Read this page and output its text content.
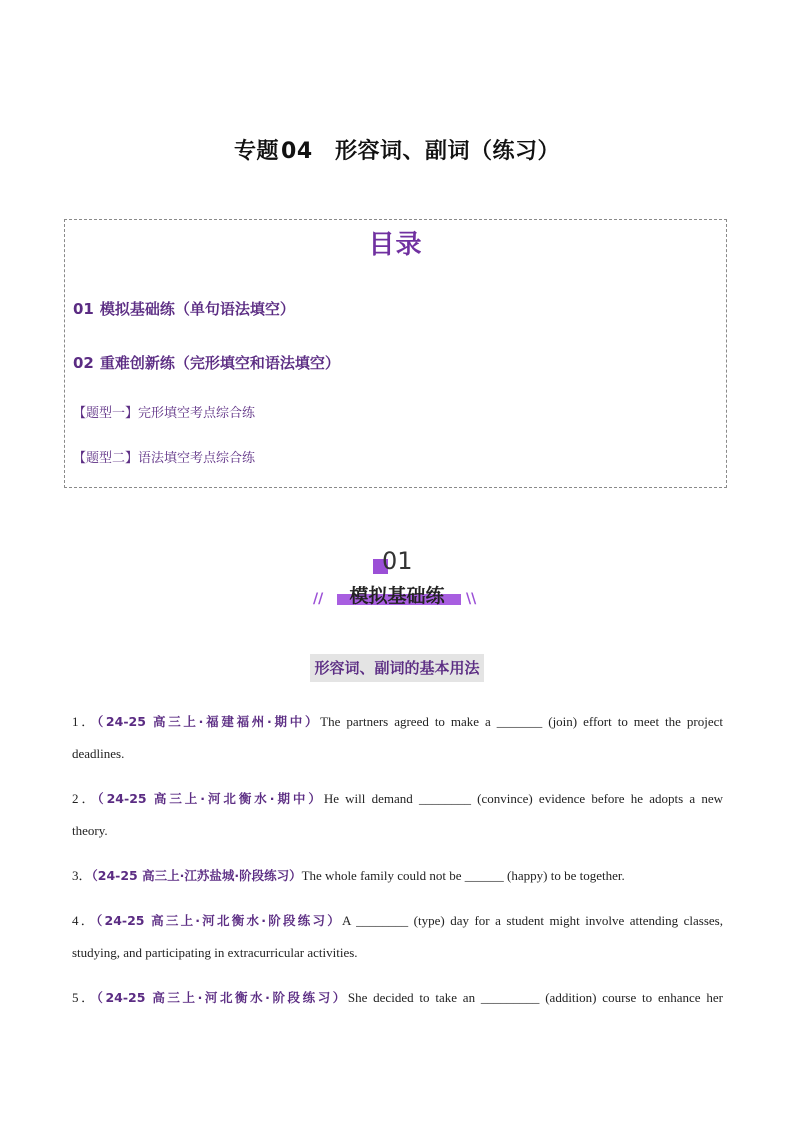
专题04 形容词、副词（练习）
目录
01 模拟基础练（单句语法填空）
02 重难创新练（完形填空和语法填空）
【题型一】完形填空考点综合练
【题型二】语法填空考点综合练
01
//	模拟基础练	\\
形容词、副词的基本用法
1．（24-25 高三上·福建福州·期中）The partners agreed to make a _______ (join) effort to meet the project
deadlines.
2．（24-25 高三上·河北衡水·期中）He will demand ________ (convince) evidence before he adopts a new
theory.
3．（24-25 高三上·江苏盐城·阶段练习）The whole family could not be ______ (happy) to be together.
4．（24-25 高三上·河北衡水·阶段练习）A ________ (type) day for a student might involve attending classes,
studying, and participating in extracurricular activities.
5．（24-25 高三上·河北衡水·阶段练习）She decided to take an _________ (addition) course to enhance her
